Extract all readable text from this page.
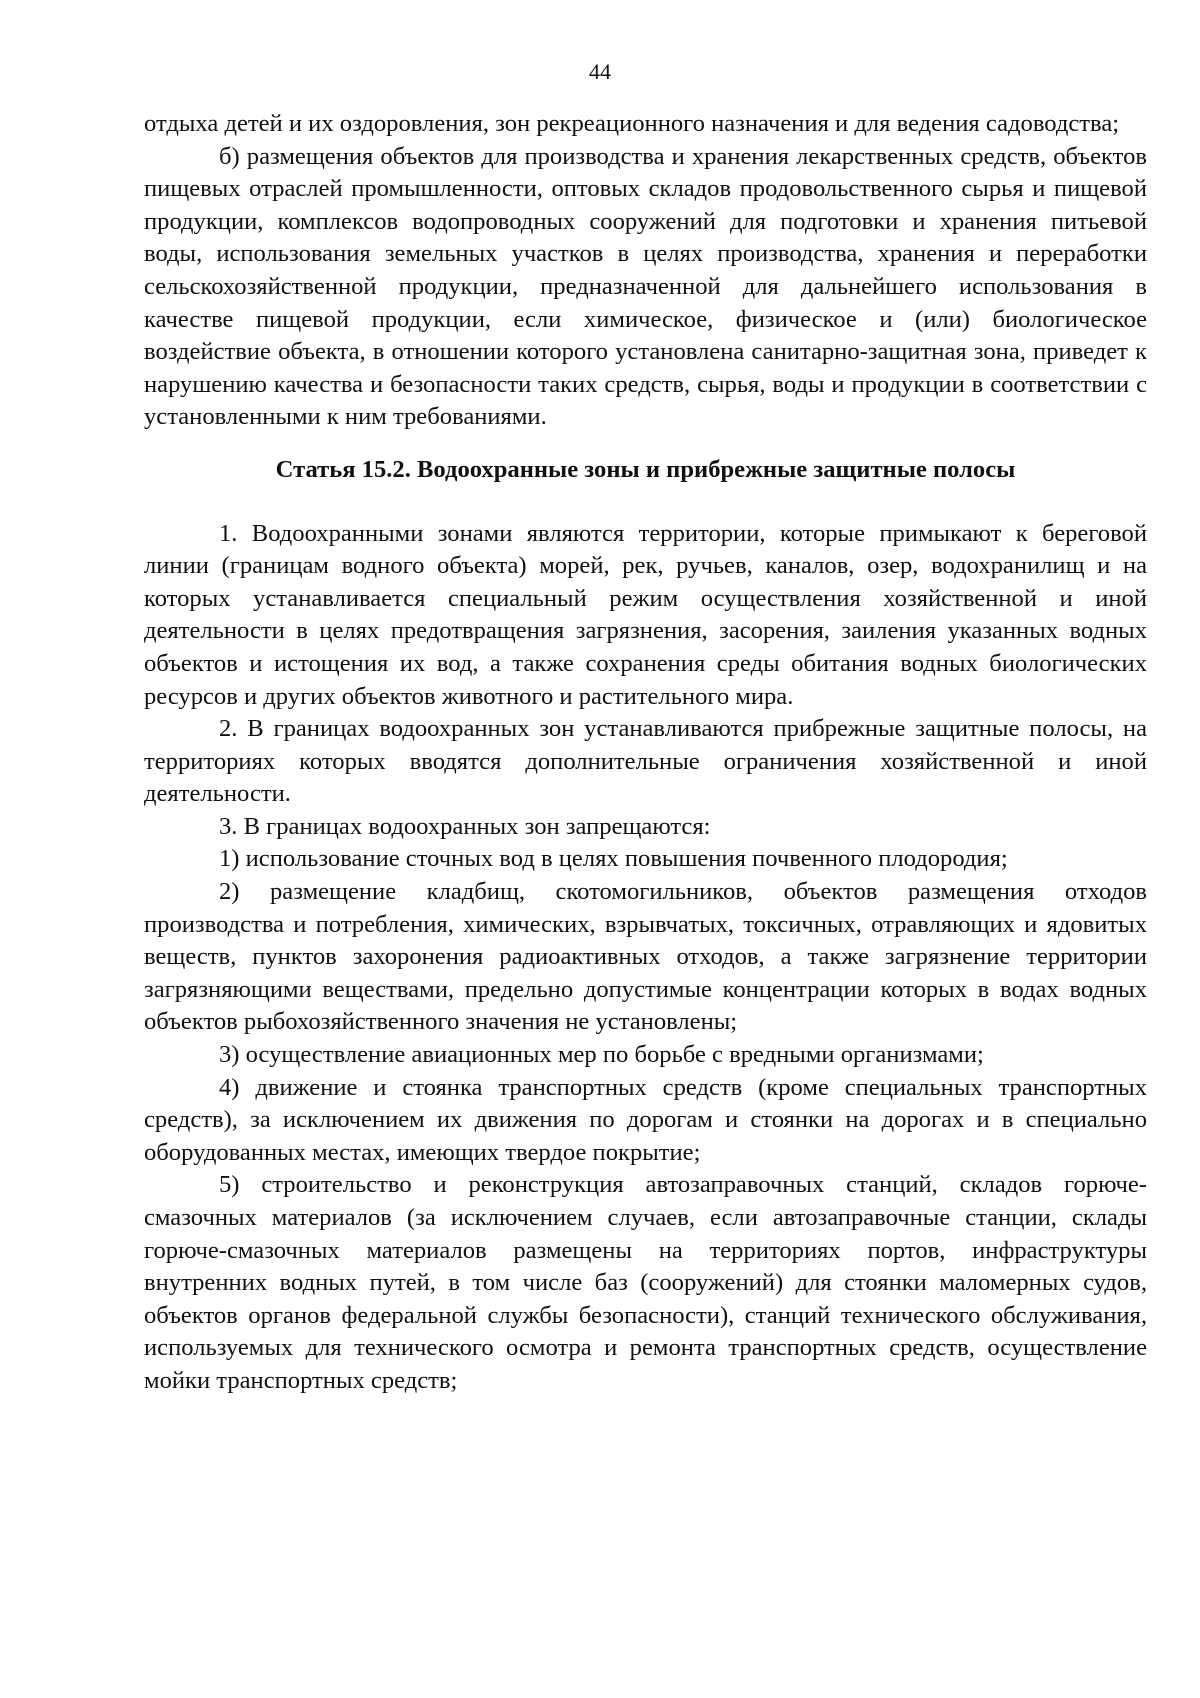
44

отдыха детей и их оздоровления, зон рекреационного назначения и для ведения садоводства;

б) размещения объектов для производства и хранения лекарственных средств, объектов пищевых отраслей промышленности, оптовых складов продовольственного сырья и пищевой продукции, комплексов водопроводных сооружений для подготовки и хранения питьевой воды, использования земельных участков в целях производства, хранения и переработки сельскохозяйственной продукции, предназначенной для дальнейшего использования в качестве пищевой продукции, если химическое, физическое и (или) биологическое воздействие объекта, в отношении которого установлена санитарно-защитная зона, приведет к нарушению качества и безопасности таких средств, сырья, воды и продукции в соответствии с установленными к ним требованиями.

Статья 15.2. Водоохранные зоны и прибрежные защитные полосы

1. Водоохранными зонами являются территории, которые примыкают к береговой линии (границам водного объекта) морей, рек, ручьев, каналов, озер, водохранилищ и на которых устанавливается специальный режим осуществления хозяйственной и иной деятельности в целях предотвращения загрязнения, засорения, заиления указанных водных объектов и истощения их вод, а также сохранения среды обитания водных биологических ресурсов и других объектов животного и растительного мира.

2. В границах водоохранных зон устанавливаются прибрежные защитные полосы, на территориях которых вводятся дополнительные ограничения хозяйственной и иной деятельности.

3. В границах водоохранных зон запрещаются:

1) использование сточных вод в целях повышения почвенного плодородия;

2) размещение кладбищ, скотомогильников, объектов размещения отходов производства и потребления, химических, взрывчатых, токсичных, отравляющих и ядовитых веществ, пунктов захоронения радиоактивных отходов, а также загрязнение территории загрязняющими веществами, предельно допустимые концентрации которых в водах водных объектов рыбохозяйственного значения не установлены;

3) осуществление авиационных мер по борьбе с вредными организмами;

4) движение и стоянка транспортных средств (кроме специальных транспортных средств), за исключением их движения по дорогам и стоянки на дорогах и в специально оборудованных местах, имеющих твердое покрытие;

5) строительство и реконструкция автозаправочных станций, складов горюче-смазочных материалов (за исключением случаев, если автозаправочные станции, склады горюче-смазочных материалов размещены на территориях портов, инфраструктуры внутренних водных путей, в том числе баз (сооружений) для стоянки маломерных судов, объектов органов федеральной службы безопасности), станций технического обслуживания, используемых для технического осмотра и ремонта транспортных средств, осуществление мойки транспортных средств;
